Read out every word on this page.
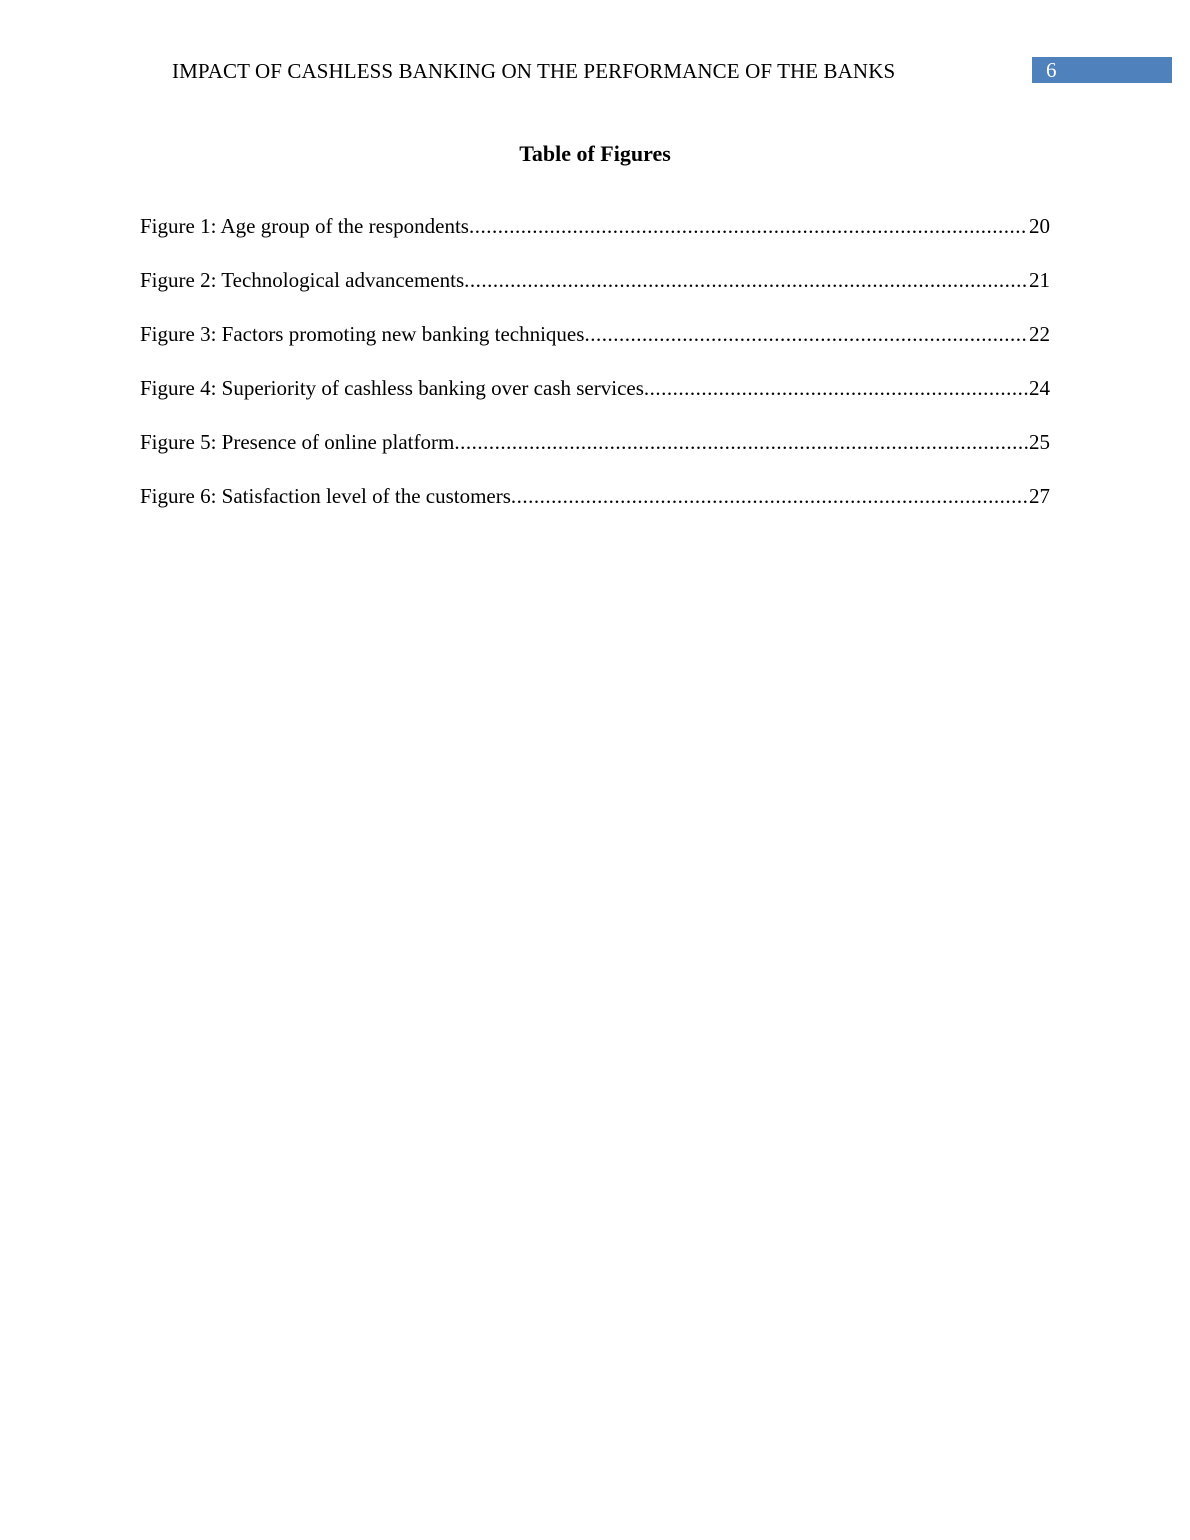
IMPACT OF CASHLESS BANKING ON THE PERFORMANCE OF THE BANKS	6
Table of Figures
Figure 1: Age group of the respondents .....	20
Figure 2: Technological advancements .....	21
Figure 3: Factors promoting new banking techniques .....	22
Figure 4: Superiority of cashless banking over cash services .....	24
Figure 5: Presence of online platform .....	25
Figure 6: Satisfaction level of the customers .....	27
